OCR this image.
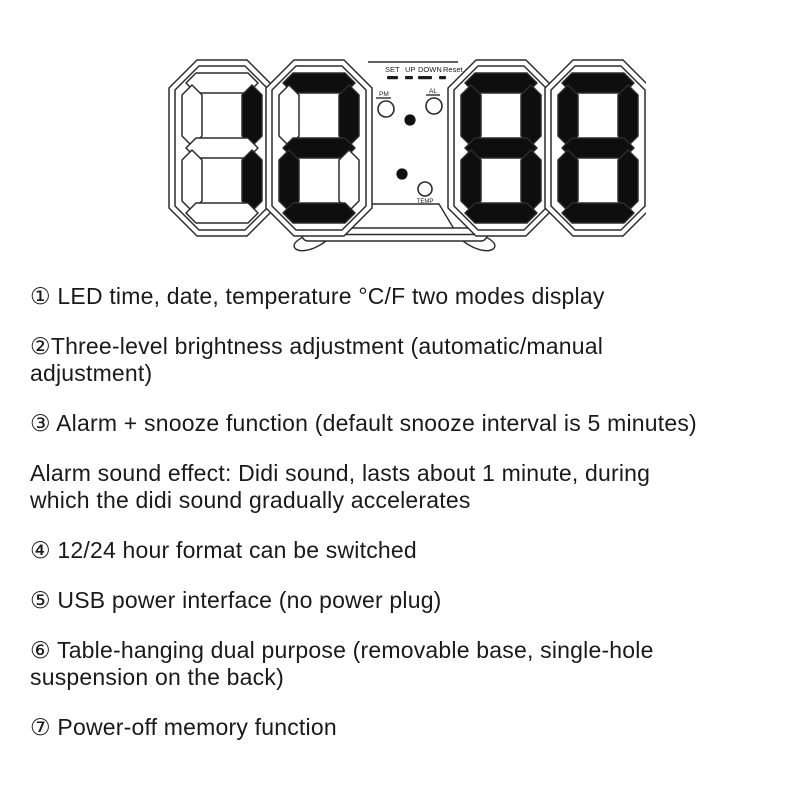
SET UP DOWN Reset
PM	AL
TEMP
① LED time, date, temperature °C/F two modes display
②Three-level brightness adjustment (automatic/manual
adjustment)
③ Alarm + snooze function (default snooze interval is 5 minutes)
Alarm sound effect: Didi sound, lasts about 1 minute, during
which the didi sound gradually accelerates
④ 12/24 hour format can be switched
⑤ USB power interface (no power plug)
⑥ Table-hanging dual purpose (removable base, single-hole
suspension on the back)
⑦ Power-off memory function
